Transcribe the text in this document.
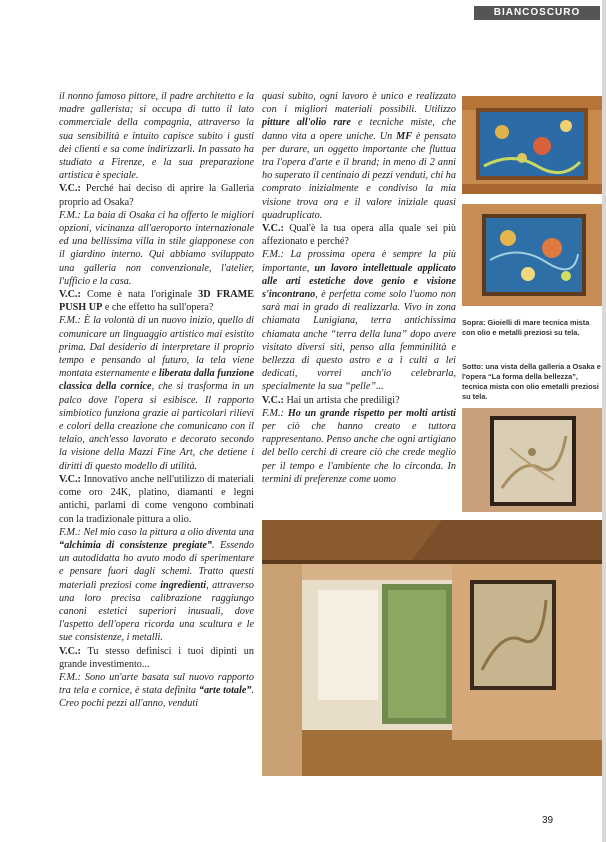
BIANCOSCURO

il nonno famoso pittore, il padre architetto e la madre gallerista; si occupa di tutto il lato commerciale della compagnia, attraverso la sua sensibilità e intuito capisce subito i gusti dei clienti e sa come indirizzarli. In passato ha studiato a Firenze, e la sua preparazione artistica è speciale.

V.C.: Perché hai deciso di aprire la Galleria proprio ad Osaka?

F.M.: La baia di Osaka ci ha offerto le migliori opzioni, vicinanza all'aeroporto internazionale ed una bellissima villa in stile giapponese con il giardino interno. Qui abbiamo sviluppato una galleria non convenzionale, l'atelier, l'ufficio e la casa.

V.C.: Come è nata l'originale 3D FRAME PUSH UP e che effetto ha sull'opera?

F.M.: È la volontà di un nuovo inizio, quello di comunicare un linguaggio artistico mai esistito prima. Dal desiderio di interpretare il proprio tempo e pensando al futuro, la tela viene montata esternamente e liberata dalla funzione classica della cornice, che si trasforma in un palco dove l'opera si esibisce. Il rapporto simbiotico funziona grazie ai particolari rilievi e colori della creazione che comunicano con il telaio, anch'esso lavorato e decorato secondo la visione della Mazzi Fine Art, che detiene i diritti di questo modello di utilità.

V.C.: Innovativo anche nell'utilizzo di materiali come oro 24K, platino, diamanti e legni antichi, parlami di come vengono combinati con la tradizionale pittura a olio.

F.M.: Nel mio caso la pittura a olio diventa una “alchimia di consistenze pregiate”. Essendo un autodidatta ho avuto modo di sperimentare e pensare fuori dagli schemi. Tratto questi materiali preziosi come ingredienti, attraverso una loro precisa calibrazione raggiungo canoni estetici superiori inusuali, dove l'aspetto dell'opera ricorda una scultura e le sue consistenze, i metalli.

V.C.: Tu stesso definisci i tuoi dipinti un grande investimento...

F.M.: Sono un'arte basata sul nuovo rapporto tra tela e cornice, è stata definita “arte totale”. Creo pochi pezzi all'anno, venduti

quasi subito, ogni lavoro è unico e realizzato con i migliori materiali possibili. Utilizzo pitture all'olio rare e tecniche miste, che danno vita a opere uniche. Un MF è pensato per durare, un oggetto importante che fluttua tra l'opera d'arte e il brand; in meno di 2 anni ho superato il centinaio di pezzi venduti, chi ha comprato inizialmente e condiviso la mia visione trova ora e il valore iniziale quasi quadruplicato.

V.C.: Qual'è la tua opera alla quale sei più affezionato e perché?

F.M.: La prossima opera è sempre la più importante, un lavoro intellettuale applicato alle arti estetiche dove genio e visione s'incontrano, è perfetta come solo l'uomo non sarà mai in grado di realizzarla. Vivo in zona chiamata Lunigiana, terra antichissima chiamata anche “terra della luna” dopo avere visitato diversi siti, penso alla femminilità e bellezza di questo astro e a i culti a lei dedicati, vorrei anch'io celebrarla, specialmente la sua “pelle”...

V.C.: Hai un artista che prediligi?

F.M.: Ho un grande rispetto per molti artisti per ciò che hanno creato e tuttora rappresentano. Penso anche che ogni artigiano del bello cerchi di creare ciò che crede meglio per il tempo e l'ambiente che lo circonda. In termini di preferenze come uomo

Sopra: Gioielli di mare tecnica mista con olio e metalli preziosi su tela.
Sotto: una vista della galleria a Osaka e l'opera “La forma della bellezza”, tecnica mista con olio emetalli preziosi su tela.
39
